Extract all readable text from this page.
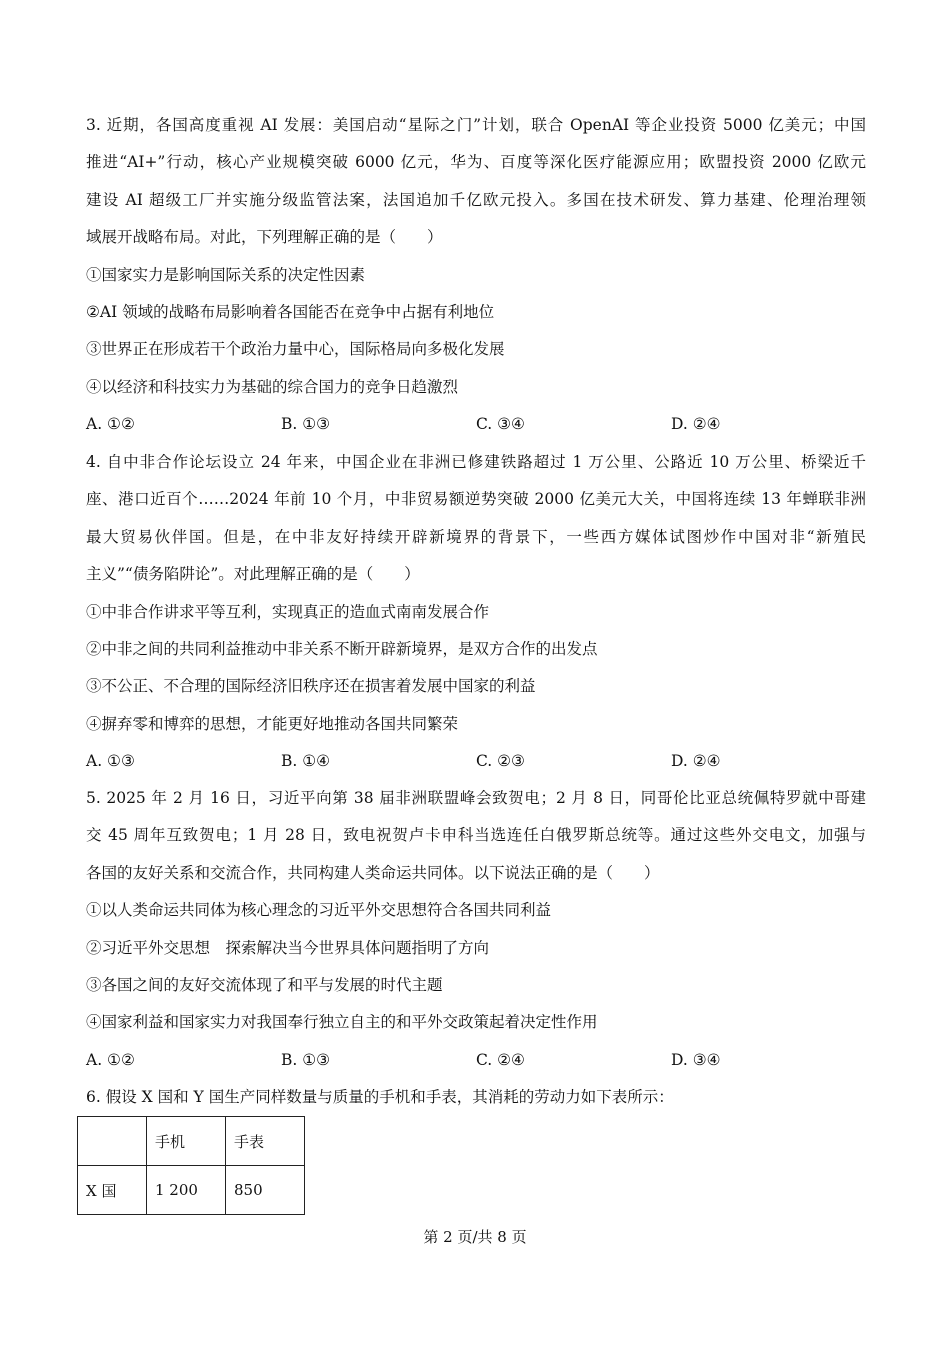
3. 近期，各国高度重视 AI 发展：美国启动“星际之门”计划，联合 OpenAI 等企业投资 5000 亿美元；中国
推进“AI+”行动，核心产业规模突破 6000 亿元，华为、百度等深化医疗能源应用；欧盟投资 2000 亿欧元
建设 AI 超级工厂并实施分级监管法案，法国追加千亿欧元投入。多国在技术研发、算力基建、伦理治理领
域展开战略布局。对此，下列理解正确的是（　　）
①国家实力是影响国际关系的决定性因素
②AI 领域的战略布局影响着各国能否在竞争中占据有利地位
③世界正在形成若干个政治力量中心，国际格局向多极化发展
④以经济和科技实力为基础的综合国力的竞争日趋激烈
A. ①②	B. ①③	C. ③④	D. ②④
4. 自中非合作论坛设立 24 年来，中国企业在非洲已修建铁路超过 1 万公里、公路近 10 万公里、桥梁近千
座、港口近百个……2024 年前 10 个月，中非贸易额逆势突破 2000 亿美元大关，中国将连续 13 年蝉联非洲
最大贸易伙伴国。但是，在中非友好持续开辟新境界的背景下，一些西方媒体试图炒作中国对非“新殖民
主义”“债务陷阱论”。对此理解正确的是（　　）
①中非合作讲求平等互利，实现真正的造血式南南发展合作
②中非之间的共同利益推动中非关系不断开辟新境界，是双方合作的出发点
③不公正、不合理的国际经济旧秩序还在损害着发展中国家的利益
④摒弃零和博弈的思想，才能更好地推动各国共同繁荣
A. ①③	B. ①④	C. ②③	D. ②④
5. 2025 年 2 月 16 日，习近平向第 38 届非洲联盟峰会致贺电；2 月 8 日，同哥伦比亚总统佩特罗就中哥建
交 45 周年互致贺电；1 月 28 日，致电祝贺卢卡申科当选连任白俄罗斯总统等。通过这些外交电文，加强与
各国的友好关系和交流合作，共同构建人类命运共同体。以下说法正确的是（　　）
①以人类命运共同体为核心理念的习近平外交思想符合各国共同利益
②习近平外交思想　探索解决当今世界具体问题指明了方向
③各国之间的友好交流体现了和平与发展的时代主题
④国家利益和国家实力对我国奉行独立自主的和平外交政策起着决定性作用
A. ①②	B. ①③	C. ②④	D. ③④
6. 假设 X 国和 Y 国生产同样数量与质量的手机和手表，其消耗的劳动力如下表所示：
	手机	手表
X 国	1 200	850
第 2 页/共 8 页
